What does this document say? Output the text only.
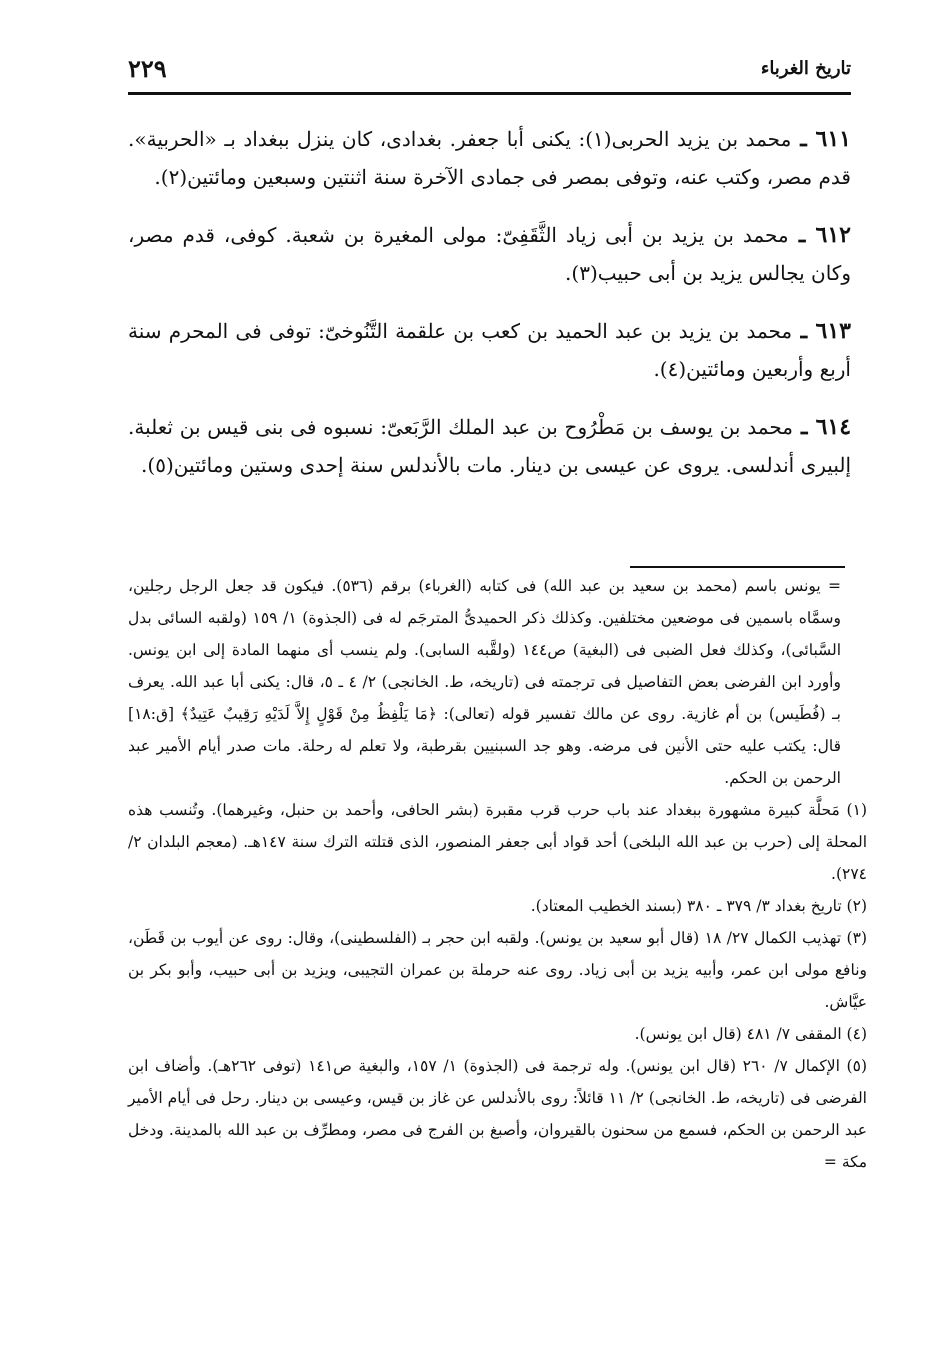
تاريخ الغرباء
٢٢٩

٦١١ ـ محمد بن يزيد الحربى(١): يكنى أبا جعفر. بغدادى، كان ينزل ببغداد بـ «الحربية». قدم مصر، وكتب عنه، وتوفى بمصر فى جمادى الآخرة سنة اثنتين وسبعين ومائتين(٢).

٦١٢ ـ محمد بن يزيد بن أبى زياد الثَّقَفِىّ: مولى المغيرة بن شعبة. كوفى، قدم مصر، وكان يجالس يزيد بن أبى حبيب(٣).

٦١٣ ـ محمد بن يزيد بن عبد الحميد بن كعب بن علقمة التَّنُوخىّ: توفى فى المحرم سنة أربع وأربعين ومائتين(٤).

٦١٤ ـ محمد بن يوسف بن مَطْرُوح بن عبد الملك الرَّبَعىّ: نسبوه فى بنى قيس بن ثعلبة. إلبيرى أندلسى. يروى عن عيسى بن دينار. مات بالأندلس سنة إحدى وستين ومائتين(٥).

= يونس باسم (محمد بن سعيد بن عبد الله) فى كتابه (الغرباء) برقم (٥٣٦). فيكون قد جعل الرجل رجلين، وسمَّاه باسمين فى موضعين مختلفين. وكذلك ذكر الحميدىُّ المترجَم له فى (الجذوة) ١/ ١٥٩ (ولقبه السائى بدل السَّبائى)، وكذلك فعل الضبى فى (البغية) ص١٤٤ (ولقَّبه السابى). ولم ينسب أى منهما المادة إلى ابن يونس. وأورد ابن الفرضى بعض التفاصيل فى ترجمته فى (تاريخه، ط. الخانجى) ٢/ ٤ ـ ٥، قال: يكنى أبا عبد الله. يعرف بـ (فُطَيس) بن أم غازية. روى عن مالك تفسير قوله (تعالى): ﴿مَا يَلْفِظُ مِنْ قَوْلٍ إِلاَّ لَدَيْهِ رَقِيبٌ عَتِيدٌ﴾ [ق:١٨] قال: يكتب عليه حتى الأنين فى مرضه. وهو جد السبنيين بقرطبة، ولا تعلم له رحلة. مات صدر أيام الأمير عبد الرحمن بن الحكم.

(١) مَحلَّة كبيرة مشهورة ببغداد عند باب حرب قرب مقبرة (بشر الحافى، وأحمد بن حنبل، وغيرهما). وتُنسب هذه المحلة إلى (حرب بن عبد الله البلخى) أحد قواد أبى جعفر المنصور، الذى قتلته الترك سنة ١٤٧هـ. (معجم البلدان ٢/ ٢٧٤).

(٢) تاريخ بغداد ٣/ ٣٧٩ ـ ٣٨٠ (بسند الخطيب المعتاد).

(٣) تهذيب الكمال ٢٧/ ١٨ (قال أبو سعيد بن يونس). ولقبه ابن حجر بـ (الفلسطينى)، وقال: روى عن أيوب بن قَطَن، ونافع مولى ابن عمر، وأبيه يزيد بن أبى زياد. روى عنه حرملة بن عمران التجيبى، ويزيد بن أبى حبيب، وأبو بكر بن عيَّاش.

(٤) المقفى ٧/ ٤٨١ (قال ابن يونس).

(٥) الإكمال ٧/ ٢٦٠ (قال ابن يونس). وله ترجمة فى (الجذوة) ١/ ١٥٧، والبغية ص١٤١ (توفى ٢٦٢هـ). وأضاف ابن الفرضى فى (تاريخه، ط. الخانجى) ٢/ ١١ قائلاً: روى بالأندلس عن غاز بن قيس، وعيسى بن دينار. رحل فى أيام الأمير عبد الرحمن بن الحكم، فسمع من سحنون بالقيروان، وأصبغ بن الفرج فى مصر، ومطرِّف بن عبد الله بالمدينة. ودخل مكة =
